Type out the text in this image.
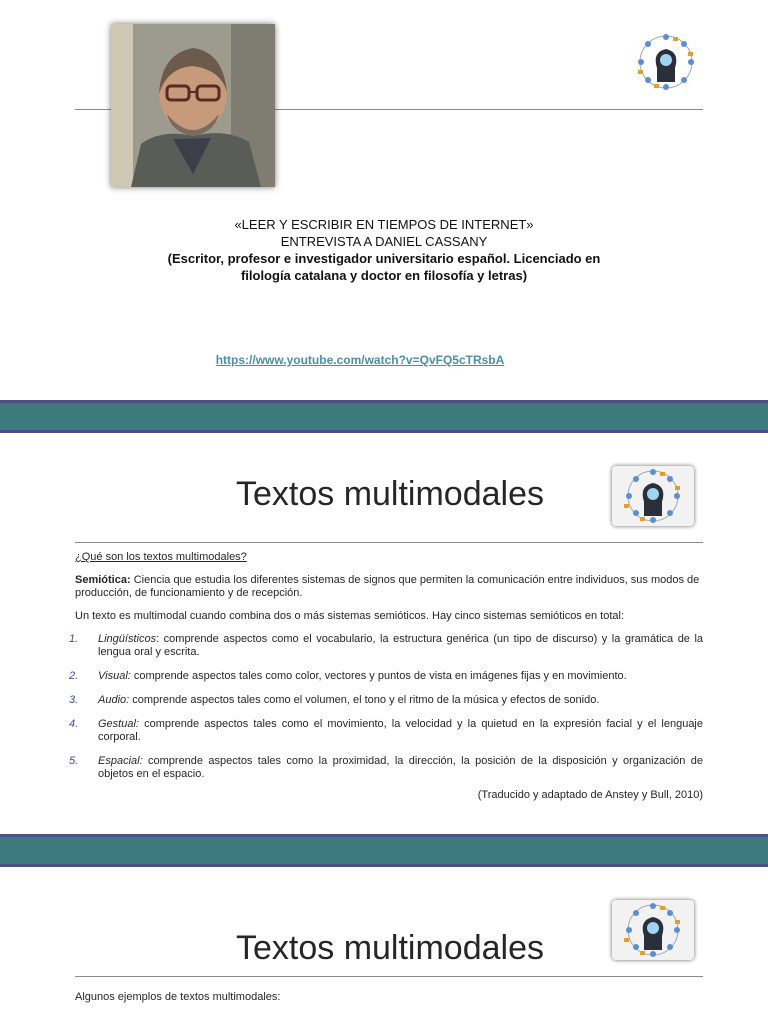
«LEER Y ESCRIBIR EN TIEMPOS DE INTERNET»
ENTREVISTA A DANIEL CASSANY
(Escritor, profesor e investigador universitario español. Licenciado en
filología catalana y doctor en filosofía y letras)
https://www.youtube.com/watch?v=QvFQ5cTRsbA
Textos multimodales

¿Qué son los textos multimodales?

Semiótica: Ciencia que estudia los diferentes sistemas de signos que permiten la comunicación entre individuos, sus modos de producción, de funcionamiento y de recepción.

Un texto es multimodal cuando combina dos o más sistemas semióticos. Hay cinco sistemas semióticos en total:

1. Lingüísticos: comprende aspectos como el vocabulario, la estructura genérica (un tipo de discurso) y la gramática de la lengua oral y escrita.
2. Visual: comprende aspectos tales como color, vectores y puntos de vista en imágenes fijas y en movimiento.
3. Audio: comprende aspectos tales como el volumen, el tono y el ritmo de la música y efectos de sonido.
4. Gestual: comprende aspectos tales como el movimiento, la velocidad y la quietud en la expresión facial y el lenguaje corporal.
5. Espacial: comprende aspectos tales como la proximidad, la dirección, la posición de la disposición y organización de objetos en el espacio.

(Traducido y adaptado de Anstey y Bull, 2010)

Textos multimodales

Algunos ejemplos de textos multimodales:
